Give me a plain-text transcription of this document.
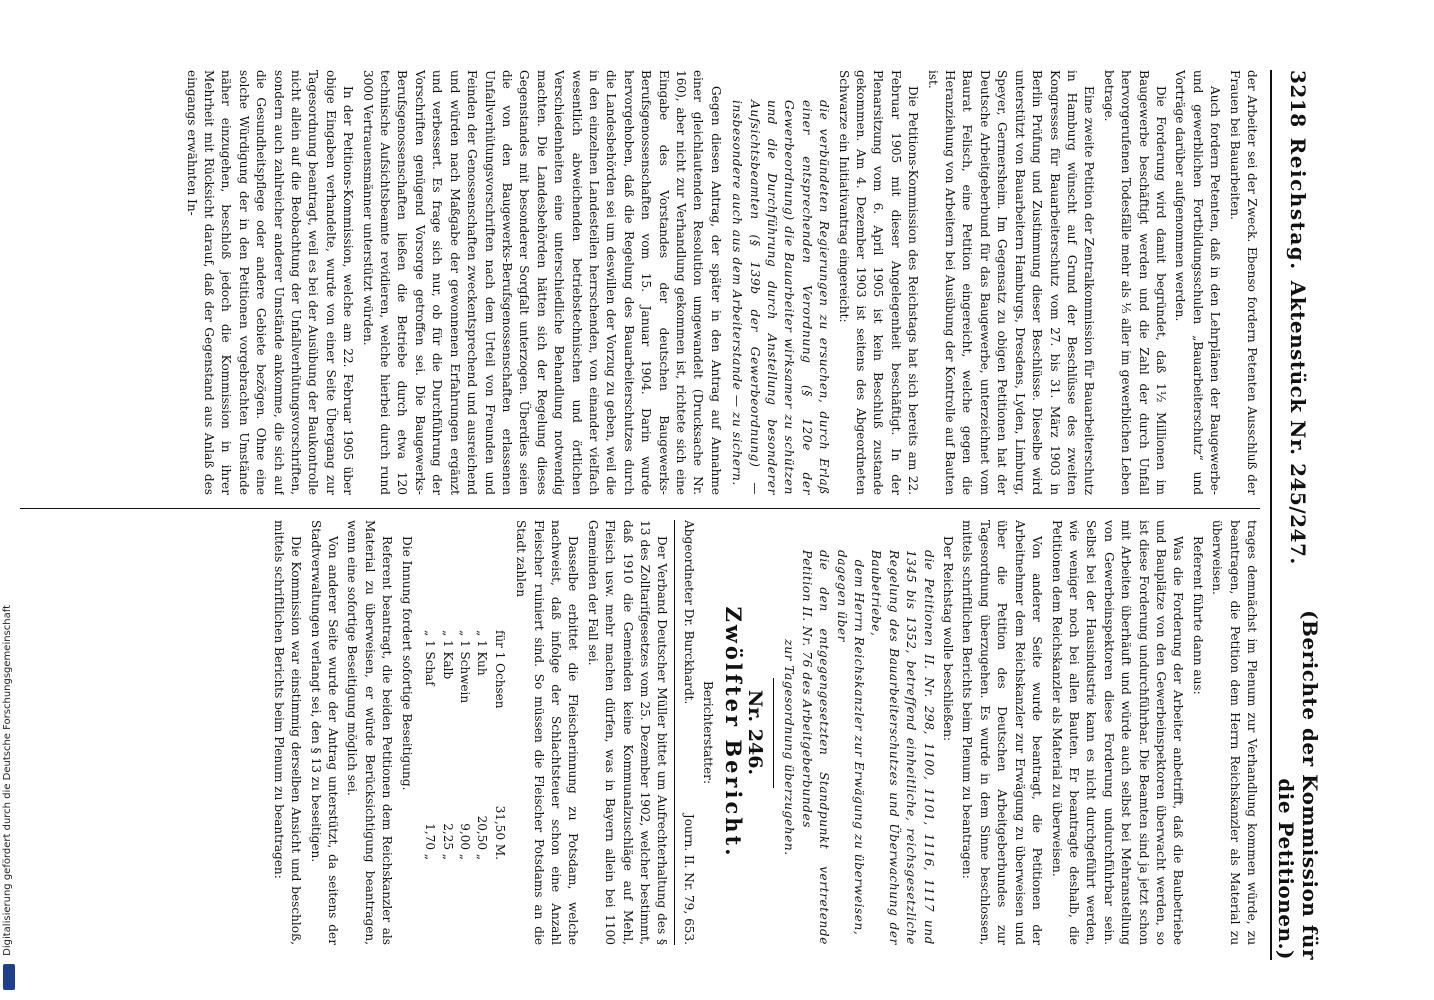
3218
Reichstag.
Aktenstück Nr. 245/247.
(Berichte der Kommission für die Petitionen.)

der Arbeiter sei der Zweck. Ebenso fordern Petenten Ausschluß der Frauen bei Bauarbeiten.

Auch fordern Petenten, daß in den Lehrplänen der Baugewerbe- und gewerblichen Fortbildungsschulen „Bauarbeiterschutz“ und Vorträge darüber aufgenommen werden.

Die Forderung wird damit begründet, daß 1½ Millionen im Baugewerbe beschäftigt werden und die Zahl der durch Unfall hervorgerufenen Todesfälle mehr als ⅕ aller im gewerblichen Leben betrage.

Eine zweite Petition der Zentralkommission für Bauarbeiterschutz in Hamburg wünscht auf Grund der Beschlüsse des zweiten Kongresses für Bauarbeiterschutz vom 27. bis 31. März 1903 in Berlin Prüfung und Zustimmung dieser Beschlüsse. Dieselbe wird unterstützt von Bauarbeitern Hamburgs, Dresdens, Lyden, Limburg, Speyer, Germersheim. Im Gegensatz zu obigen Petitionen hat der Deutsche Arbeitgeberbund für das Baugewerbe, unterzeichnet vom Baurat Felisch, eine Petition eingereicht, welche gegen die Heranziehung von Arbeitern bei Ausübung der Kontrolle auf Bauten ist.

Die Petitions-Kommission des Reichstags hat sich bereits am 22. Februar 1905 mit dieser Angelegenheit beschäftigt. In der Plenarsitzung vom 6. April 1905 ist kein Beschluß zustande gekommen. Am 4. Dezember 1903 ist seitens des Abgeordneten Schwarze ein Initiativantrag eingereicht:

die verbündeten Regierungen zu ersuchen, durch Erlaß einer entsprechenden Verordnung (§ 120e der Gewerbeordnung) die Bauarbeiter wirksamer zu schützen und die Durchführung durch Anstellung besonderer Aufsichtsbeamten (§ 139b der Gewerbeordnung) — insbesondere auch aus dem Arbeiterstande — zu sichern.

Gegen diesen Antrag, der später in den Antrag auf Annahme einer gleichlautenden Resolution umgewandelt (Drucksache Nr. 160), aber nicht zur Verhandlung gekommen ist, richtete sich eine Eingabe des Vorstandes der deutschen Baugewerks-Berufsgenossenschaften vom 15. Januar 1904. Darin wurde hervorgehoben, daß die Regelung des Bauarbeiterschutzes durch die Landesbehörden sei um deswillen der Vorzug zu geben, weil die in den einzelnen Landesteilen herrschenden, von einander vielfach wesentlich abweichenden betriebstechnischen und örtlichen Verschiedenheiten eine unterschiedliche Behandlung notwendig machten. Die Landesbehörden hätten sich der Regelung dieses Gegenstandes mit besonderer Sorgfalt unterzogen. Überdies seien die von den Baugewerks-Berufsgenossenschaften erlassenen Unfallverhütungsvorschriften nach dem Urteil von Freunden und Feinden der Genossenschaften zweckentsprechend und ausreichend und würden nach Maßgabe der gewonnenen Erfahrungen ergänzt und verbessert. Es frage sich nur, ob für die Durchführung der Vorschriften genügend Vorsorge getroffen sei. Die Baugewerks-Berufsgenossenschaften ließen die Betriebe durch etwa 120 technische Aufsichtsbeamte revidieren, welche hierbei durch rund 3000 Vertrauensmänner unterstützt würden.

In der Petitions-Kommission, welche am 22. Februar 1905 über obige Eingaben verhandelte, wurde von einer Seite Übergang zur Tagesordnung beantragt, weil es bei der Ausübung der Baukontrolle nicht allein auf die Beobachtung der Unfallverhütungsvorschriften, sondern auch zahlreicher anderer Umstände ankomme, die sich auf die Gesundheitspflege oder andere Gebiete bezögen. Ohne eine solche Würdigung der in den Petitionen vorgebrachten Umstände näher einzugehen, beschloß jedoch die Kommission in ihrer Mehrheit mit Rücksicht darauf, daß der Gegenstand aus Anlaß des eingangs erwähnten In-

trages demnächst im Plenum zur Verhandlung kommen würde, zu beantragen, die Petition dem Herrn Reichskanzler als Material zu überweisen.

Referent führte dann aus:

Was die Forderung der Arbeiter anbetrifft, daß die Baubetriebe und Bauplätze von den Gewerbeinspektoren überwacht werden, so ist diese Forderung undurchführbar. Die Beamten sind ja jetzt schon mit Arbeiten überhäuft und würde auch selbst bei Mehranstellung von Gewerbeinspektoren diese Forderung undurchführbar sein. Selbst bei der Hausindustrie kann es nicht durchgeführt werden, wie weniger noch bei allen Bauten. Er beantragte deshalb, die Petitionen dem Reichskanzler als Material zu überweisen.

Von anderer Seite wurde beantragt, die Petitionen der Arbeitnehmer dem Reichskanzler zur Erwägung zu überweisen und über die Petition des Deutschen Arbeitgeberbundes zur Tagesordnung überzugehen. Es wurde in dem Sinne beschlossen, mittels schriftlichen Berichts beim Plenum zu beantragen:

Der Reichstag wolle beschließen:

die Petitionen II. Nr. 298, 1100, 1101, 1116, 1117 und 1345 bis 1352, betreffend einheitliche, reichsgesetzliche Regelung des Bauarbeiterschutzes und Überwachung der Baubetriebe,

dem Herrn Reichskanzler zur Erwägung zu überweisen,

dagegen über

die den entgegengesetzten Standpunkt vertretende Petition II. Nr. 76 des Arbeitgeberbundes

zur Tagesordnung überzugehen.

Nr. 246.
Zwölfter Bericht.

Berichterstatter:

Abgeordneter Dr. Burckhardt.
Journ. II. Nr. 79, 653.

Der Verband Deutscher Müller bittet um Aufrechterhaltung des § 13 des Zolltarifgesetzes vom 25. Dezember 1902, welcher bestimmt, daß 1910 die Gemeinden keine Kommunalzuschläge auf Mehl, Fleisch usw. mehr machen dürfen, was in Bayern allein bei 1100 Gemeinden der Fall sei.

Dasselbe erbittet die Fleischerinnung zu Potsdam, welche nachweist, daß infolge der Schlachtsteuer schon eine Anzahl Fleischer ruiniert sind. So müssen die Fleischer Potsdams an die Stadt zahlen

für 1 Ochsen
31,50 M.
„ 1 Kuh
20,50 „
„ 1 Schwein
9,00 „
„ 1 Kalb
2,25 „
„ 1 Schaf
1,70 „

Die Innung fordert sofortige Beseitigung.

Referent beantragt, die beiden Petitionen dem Reichskanzler als Material zu überweisen, er würde Berücksichtigung beantragen, wenn eine sofortige Beseitigung möglich sei.

Von anderer Seite wurde der Antrag unterstützt, da seitens der Stadtverwaltungen verlangt sei, den § 13 zu beseitigen.

Die Kommission war einstimmig derselben Ansicht und beschloß, mittels schriftlichen Berichts beim Plenum zu beantragen:

Digitalisierung gefördert durch die Deutsche Forschungsgemeinschaft
